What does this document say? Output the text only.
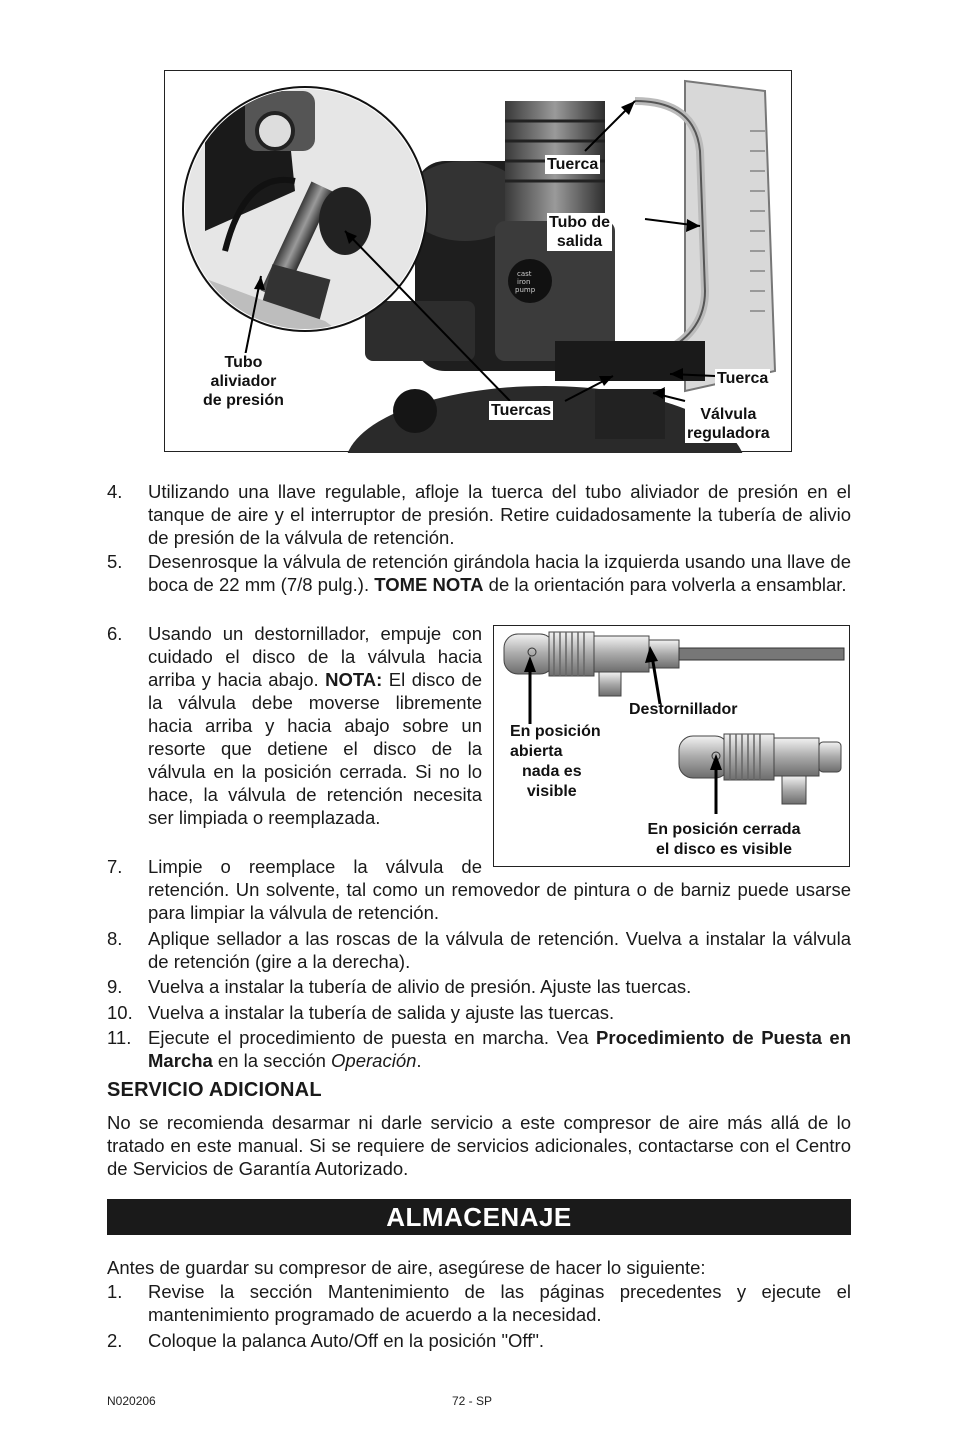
cast
iron
pump
Tuerca
Tubo de
salida
Tubo
aliviador
de presión
Tuercas
Tuerca
Válvula
reguladora
4. Utilizando una llave regulable, afloje la tuerca del tubo aliviador de presión en el tanque de aire y el interruptor de presión. Retire cuidadosamente la tubería de alivio de presión de la válvula de retención.
5. Desenrosque la válvula de retención girándola hacia la izquierda usando una llave de boca de 22 mm (7/8 pulg.). TOME NOTA de la orientación para volverla a ensamblar.
6. Usando un destornillador, empuje con cuidado el disco de la válvula hacia arriba y hacia abajo. NOTA: El disco de la válvula debe moverse libremente hacia arriba y hacia abajo sobre un resorte que detiene el disco de la válvula en la posición cerrada. Si no lo hace, la válvula de retención necesita ser limpiada o reemplazada.
7. Limpie o reemplace la válvula de
retención. Un solvente, tal como un removedor de pintura o de barniz puede usarse para limpiar la válvula de retención.
Destornillador
En posición
abierta
nada es
visible
En posición cerrada
el disco es visible
8. Aplique sellador a las roscas de la válvula de retención. Vuelva a instalar la válvula de retención (gire a la derecha).
9. Vuelva a instalar la tubería de alivio de presión. Ajuste las tuercas.
10. Vuelva a instalar la tubería de salida y ajuste las tuercas.
11. Ejecute el procedimiento de puesta en marcha. Vea Procedimiento de Puesta en Marcha en la sección Operación.
SERVICIO ADICIONAL
No se recomienda desarmar ni darle servicio a este compresor de aire más allá de lo tratado en este manual. Si se requiere de servicios adicionales, contactarse con el Centro de Servicios de Garantía Autorizado.
ALMACENAJE
Antes de guardar su compresor de aire, asegúrese de hacer lo siguiente:
1. Revise la sección Mantenimiento de las páginas precedentes y ejecute el mantenimiento programado de acuerdo a la necesidad.
2. Coloque la palanca Auto/Off en la posición "Off".
N020206	72 - SP
